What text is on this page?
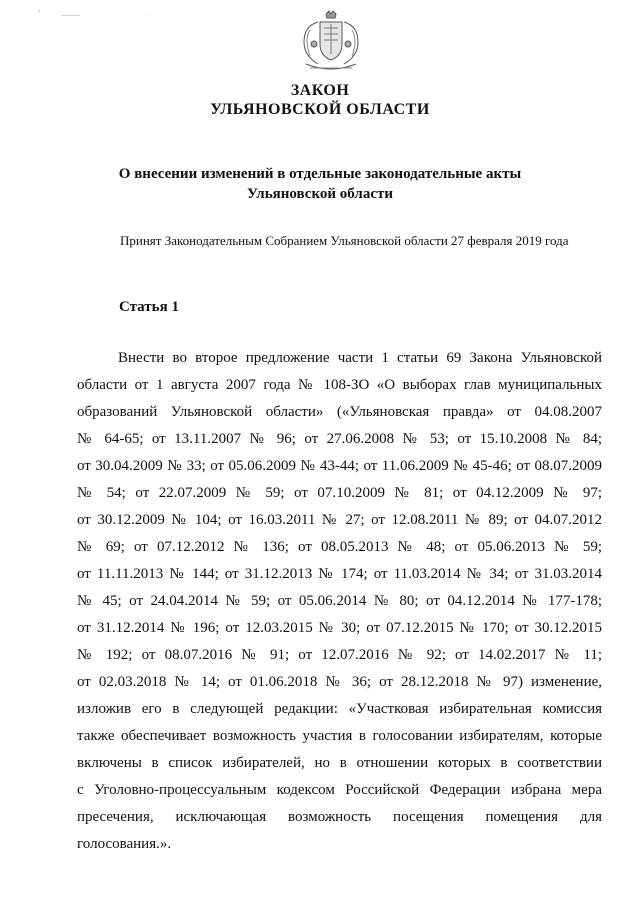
ЗАКОН
УЛЬЯНОВСКОЙ ОБЛАСТИ
О внесении изменений в отдельные законодательные акты
Ульяновской области
Принят Законодательным Собранием Ульяновской области 27 февраля 2019 года
Статья 1
Внести во второе предложение части 1 статьи 69 Закона Ульяновской
области от 1 августа 2007 года № 108-ЗО «О выборах глав муниципальных
образований Ульяновской области» («Ульяновская правда» от 04.08.2007
№ 64-65; от 13.11.2007 № 96; от 27.06.2008 № 53; от 15.10.2008 № 84;
от 30.04.2009 № 33; от 05.06.2009 № 43-44; от 11.06.2009 № 45-46; от 08.07.2009
№ 54; от 22.07.2009 № 59; от 07.10.2009 № 81; от 04.12.2009 № 97;
от 30.12.2009 № 104; от 16.03.2011 № 27; от 12.08.2011 № 89; от 04.07.2012
№ 69; от 07.12.2012 № 136; от 08.05.2013 № 48; от 05.06.2013 № 59;
от 11.11.2013 № 144; от 31.12.2013 № 174; от 11.03.2014 № 34; от 31.03.2014
№ 45; от 24.04.2014 № 59; от 05.06.2014 № 80; от 04.12.2014 № 177-178;
от 31.12.2014 № 196; от 12.03.2015 № 30; от 07.12.2015 № 170; от 30.12.2015
№ 192; от 08.07.2016 № 91; от 12.07.2016 № 92; от 14.02.2017 № 11;
от 02.03.2018 № 14; от 01.06.2018 № 36; от 28.12.2018 № 97) изменение,
изложив его в следующей редакции: «Участковая избирательная комиссия
также обеспечивает возможность участия в голосовании избирателям, которые
включены в список избирателей, но в отношении которых в соответствии
с Уголовно-процессуальным кодексом Российской Федерации избрана мера
пресечения, исключающая возможность посещения помещения для
голосования.».
